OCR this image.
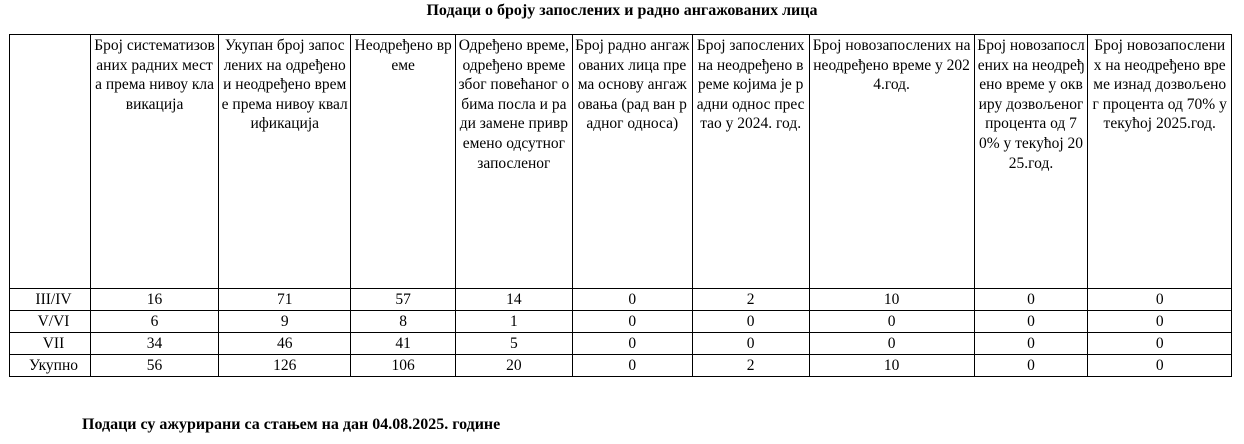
Подаци о броју запослених и радно ангажованих лица
	Број систематизованих радних места према нивоу клавикација	Укупан број запослених на одређено и неодређено време према нивоу квалификација	Неодређено време	Одређено време, одређено време због повећаног обима посла и ради замене привремено одсутног запосленог	Број радно ангажованих лица према основу ангажовања (рад ван радног односа)	Број запослених на неодређено време којима је радни однос престао у 2024. год.	Број новозапослених на неодређено време у 2024.год.	Број новозапослених на неодређено време у оквиру дозвољеног процента од 70% у текућој 2025.год.	Број новозапослених на неодређено време изнад дозвољеног процента од 70% у текућој 2025.год.
III/IV	16	71	57	14	0	2	10	0	0
V/VI	6	9	8	1	0	0	0	0	0
VII	34	46	41	5	0	0	0	0	0
Укупно	56	126	106	20	0	2	10	0	0
Подаци су ажурирани са стањем на дан 04.08.2025. године
